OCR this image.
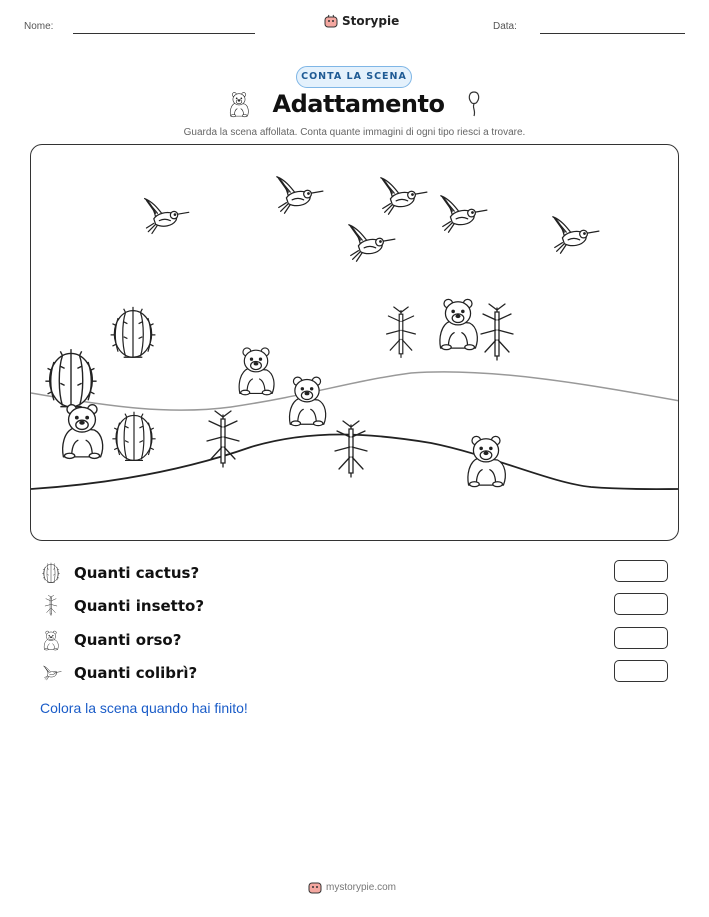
Nome:	Data:
Storypie
CONTA LA SCENA
Adattamento
Guarda la scena affollata. Conta quante immagini di ogni tipo riesci a trovare.
Quanti cactus?
Quanti insetto?
Quanti orso?
Quanti colibrì?
Colora la scena quando hai finito!
mystorypie.com
